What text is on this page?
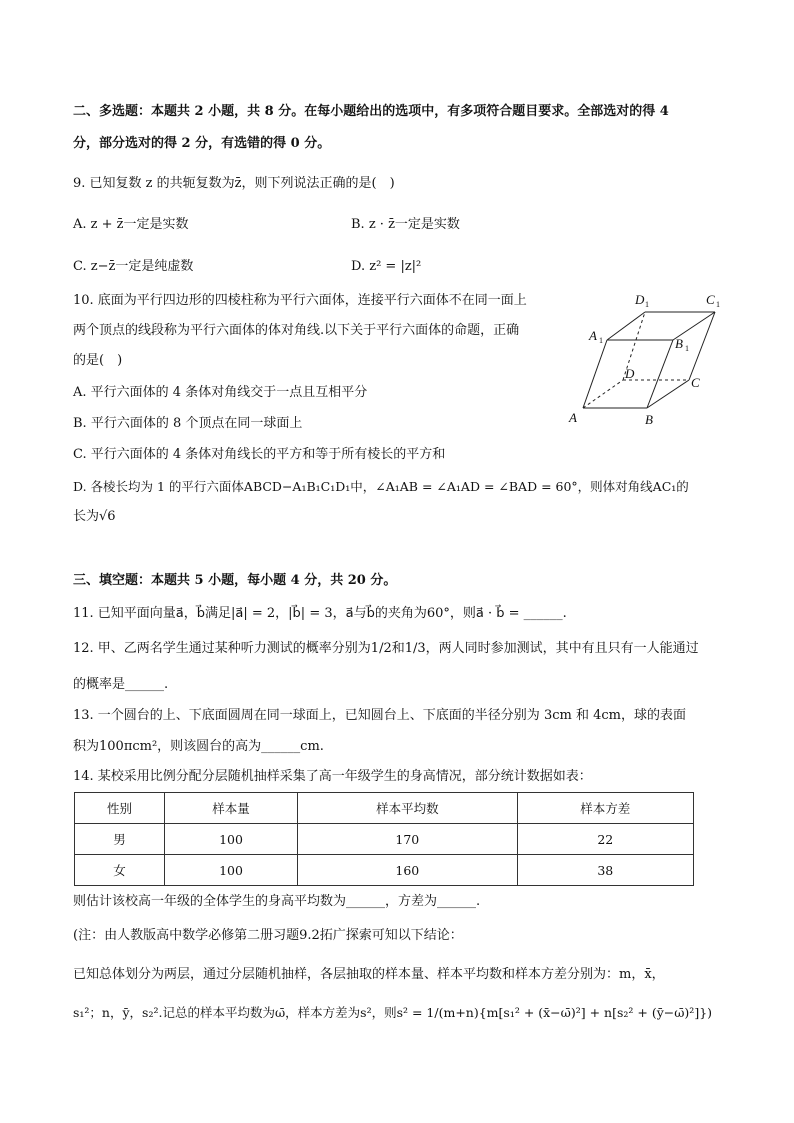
二、多选题：本题共 2 小题，共 8 分。在每小题给出的选项中，有多项符合题目要求。全部选对的得 4
分，部分选对的得 2 分，有选错的得 0 分。
9. 已知复数 z 的共轭复数为z̄，则下列说法正确的是(　)
A. z + z̄一定是实数	B. z · z̄一定是实数
C. z−z̄一定是纯虚数	D. z² = |z|²
10. 底面为平行四边形的四棱柱称为平行六面体，连接平行六面体不在同一面上
两个顶点的线段称为平行六面体的体对角线.以下关于平行六面体的命题，正确
的是(　)
A. 平行六面体的 4 条体对角线交于一点且互相平分
B. 平行六面体的 8 个顶点在同一球面上
C. 平行六面体的 4 条体对角线长的平方和等于所有棱长的平方和
D. 各棱长均为 1 的平行六面体ABCD−A₁B₁C₁D₁中，∠A₁AB = ∠A₁AD = ∠BAD = 60°，则体对角线AC₁的
长为√6
A	B
C
D
A
B
C
D
1
1
1
1
三、填空题：本题共 5 小题，每小题 4 分，共 20 分。
11. 已知平面向量a⃗，b⃗满足|a⃗| = 2，|b⃗| = 3，a⃗与b⃗的夹角为60°，则a⃗ · b⃗ = ______.
12. 甲、乙两名学生通过某种听力测试的概率分别为1/2和1/3，两人同时参加测试，其中有且只有一人能通过
的概率是______.
13. 一个圆台的上、下底面圆周在同一球面上，已知圆台上、下底面的半径分别为 3cm 和 4cm，球的表面
积为100πcm²，则该圆台的高为______cm.
14. 某校采用比例分配分层随机抽样采集了高一年级学生的身高情况，部分统计数据如表：
性别	样本量	样本平均数	样本方差
男	100	170	22
女	100	160	38
则估计该校高一年级的全体学生的身高平均数为______，方差为______.
(注：由人教版高中数学必修第二册习题9.2拓广探索可知以下结论：
已知总体划分为两层，通过分层随机抽样，各层抽取的样本量、样本平均数和样本方差分别为：m，x̄，
s₁²；n，ȳ，s₂².记总的样本平均数为ω̄，样本方差为s²，则s² = 1/(m+n){m[s₁² + (x̄−ω̄)²] + n[s₂² + (ȳ−ω̄)²]})
